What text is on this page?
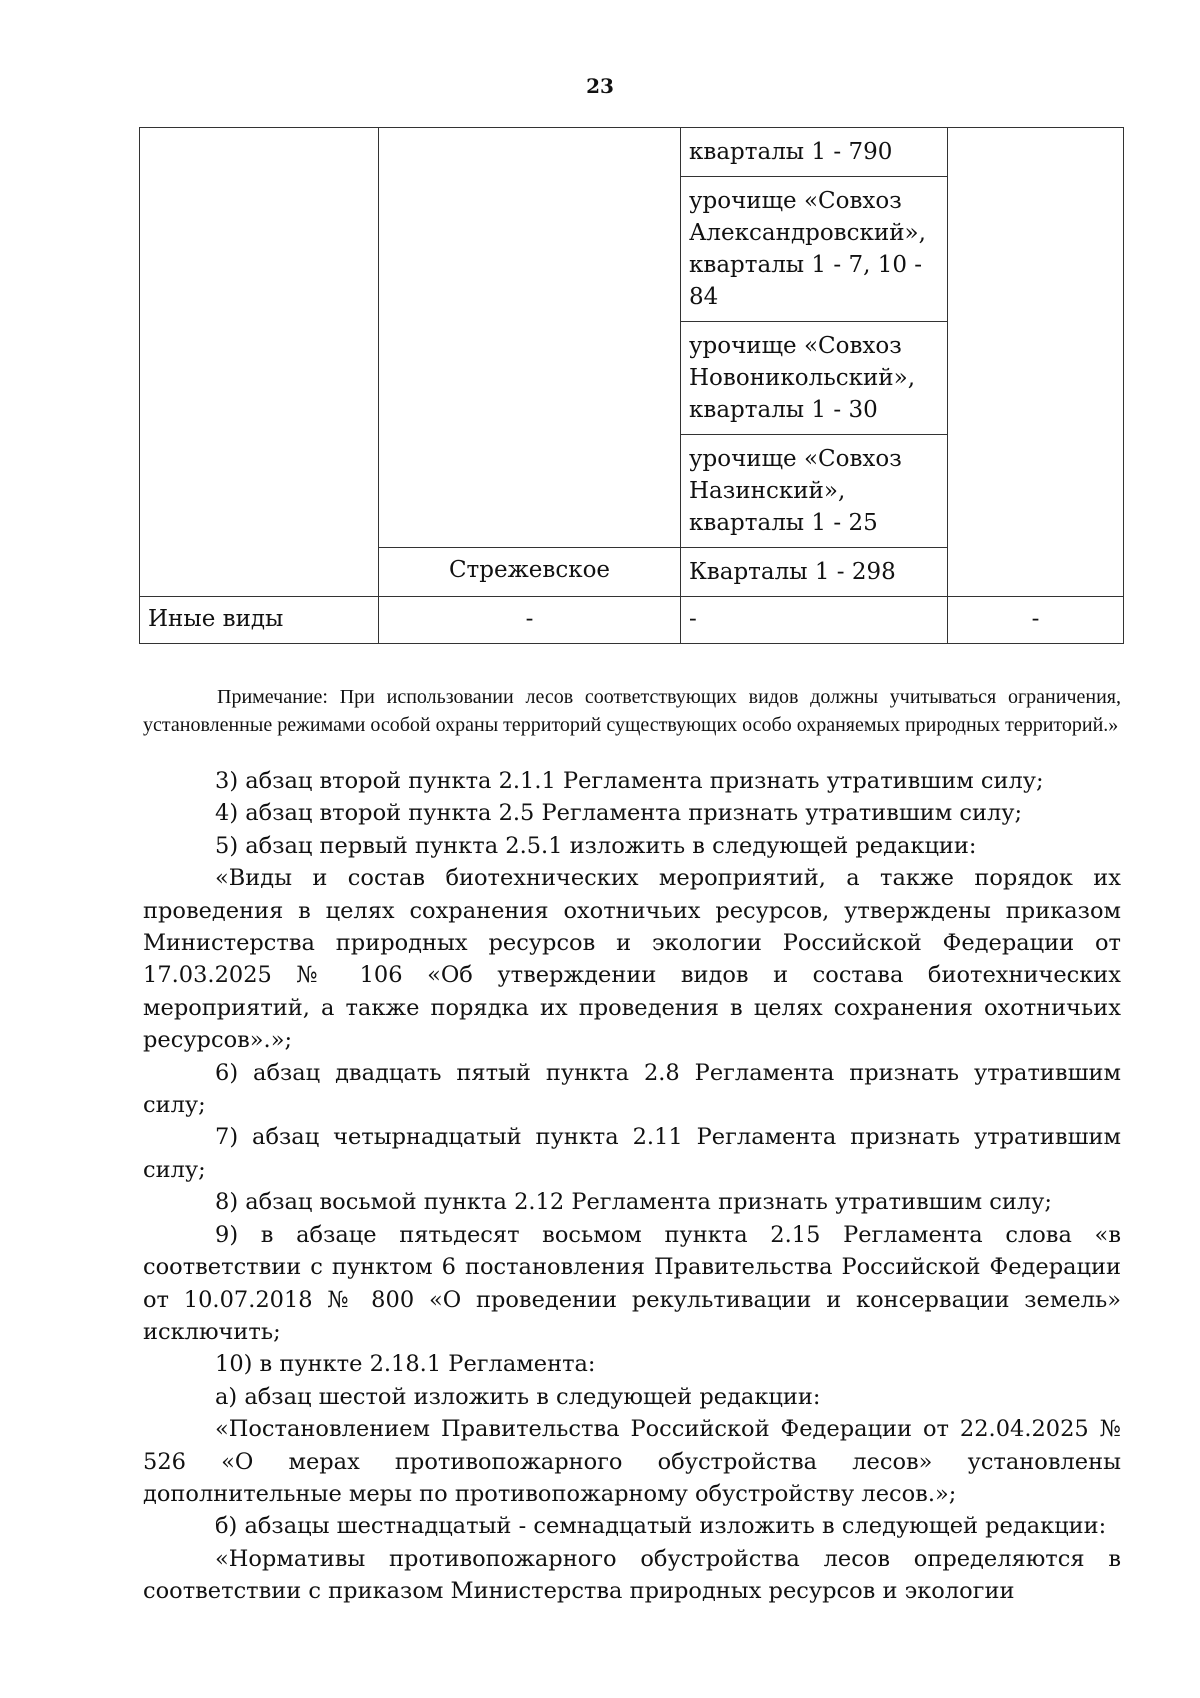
23
		кварталы 1 - 790	
		урочище «Совхоз Александровский», кварталы 1 - 7, 10 - 84	
		урочище «Совхоз Новоникольский», кварталы 1 - 30	
		урочище «Совхоз Назинский», кварталы 1 - 25	
	Стрежевское	Кварталы 1 - 298	
Иные виды	-	-	-

Примечание: При использовании лесов соответствующих видов должны учитываться ограничения, установленные режимами особой охраны территорий существующих особо охраняемых природных территорий.»

3) абзац второй пункта 2.1.1 Регламента признать утратившим силу;

4) абзац второй пункта 2.5 Регламента признать утратившим силу;

5) абзац первый пункта 2.5.1 изложить в следующей редакции:

«Виды и состав биотехнических мероприятий, а также порядок их проведения в целях сохранения охотничьих ресурсов, утверждены приказом Министерства природных ресурсов и экологии Российской Федерации от 17.03.2025 № 106 «Об утверждении видов и состава биотехнических мероприятий, а также порядка их проведения в целях сохранения охотничьих ресурсов».»;

6) абзац двадцать пятый пункта 2.8 Регламента признать утратившим силу;

7) абзац четырнадцатый пункта 2.11 Регламента признать утратившим силу;

8) абзац восьмой пункта 2.12 Регламента признать утратившим силу;

9) в абзаце пятьдесят восьмом пункта 2.15 Регламента слова «в соответствии с пунктом 6 постановления Правительства Российской Федерации от 10.07.2018 № 800 «О проведении рекультивации и консервации земель» исключить;

10) в пункте 2.18.1 Регламента:

а) абзац шестой изложить в следующей редакции:

«Постановлением Правительства Российской Федерации от 22.04.2025 № 526 «О мерах противопожарного обустройства лесов» установлены дополнительные меры по противопожарному обустройству лесов.»;

б) абзацы шестнадцатый - семнадцатый изложить в следующей редакции:

«Нормативы противопожарного обустройства лесов определяются в соответствии с приказом Министерства природных ресурсов и экологии
